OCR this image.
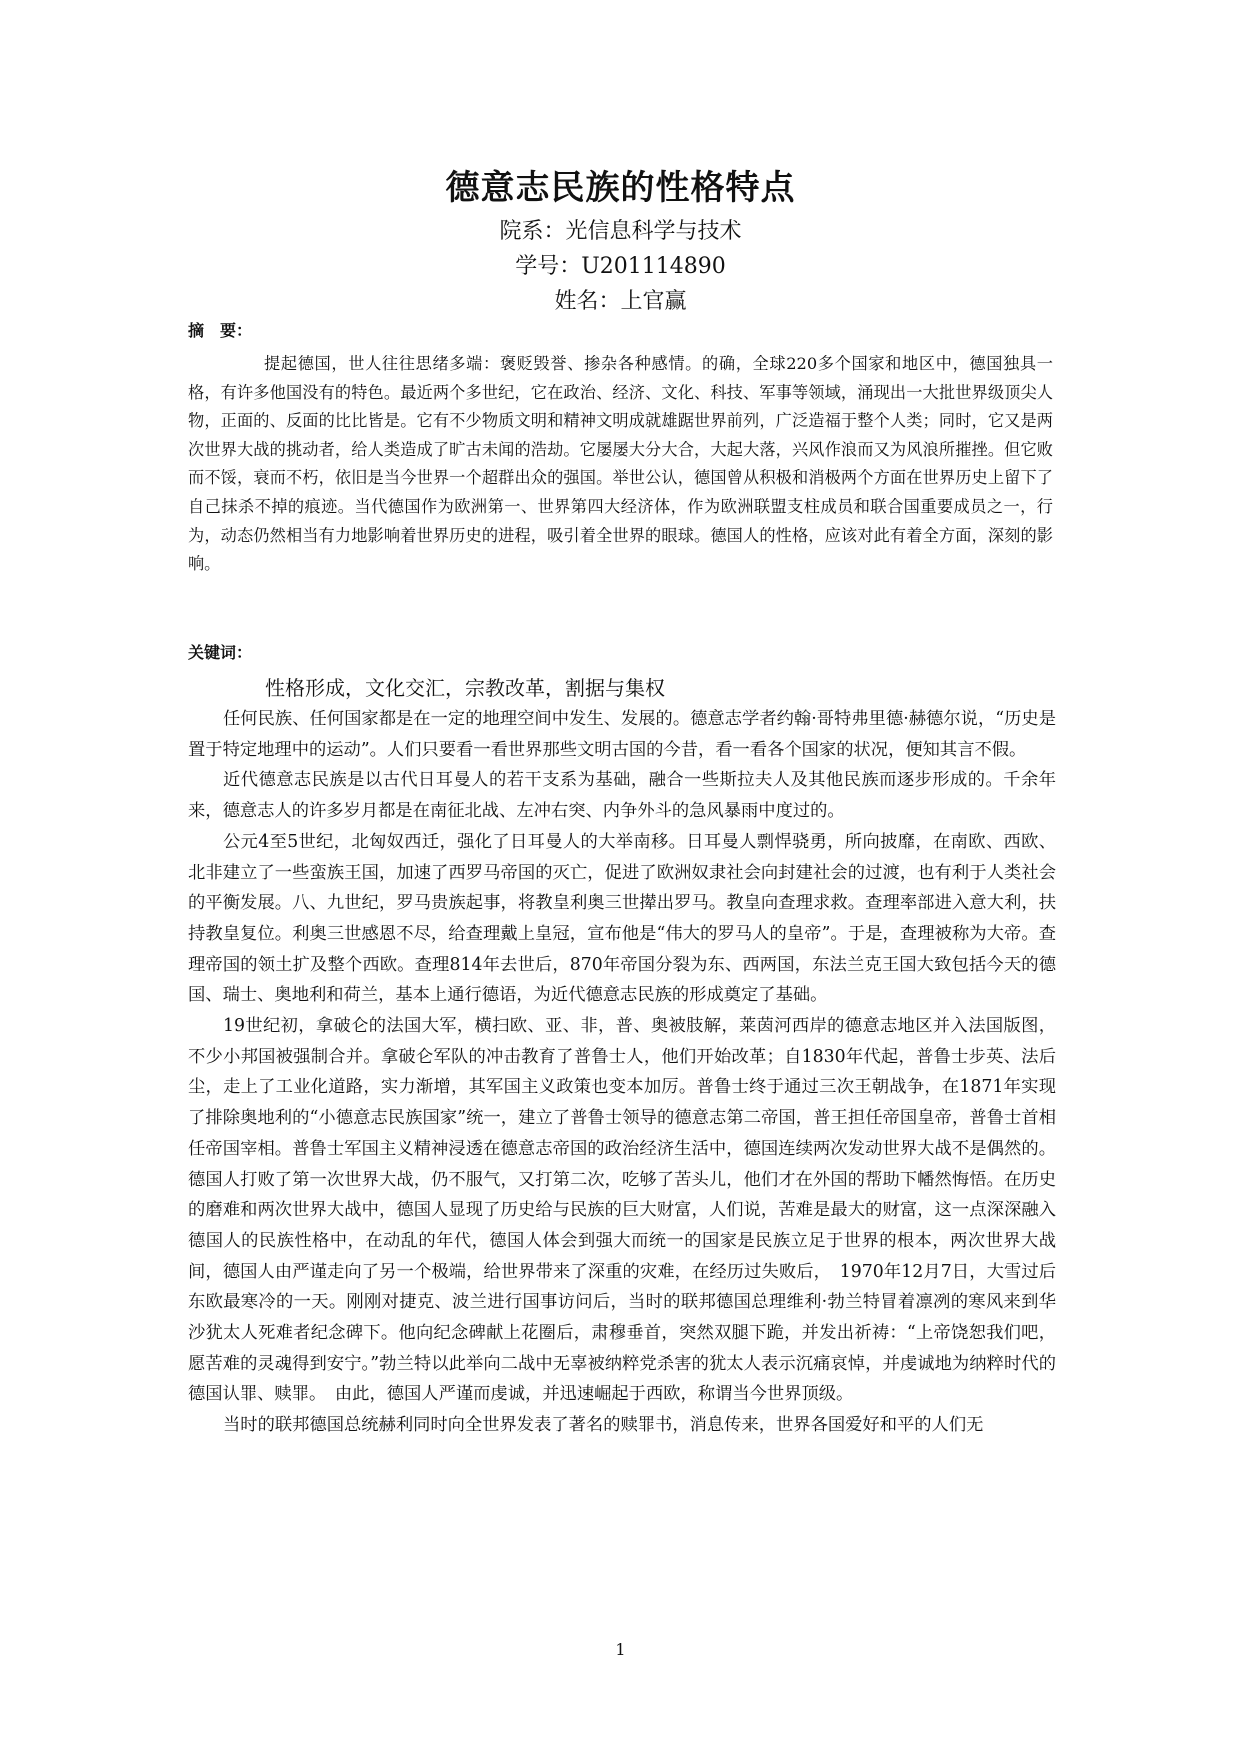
德意志民族的性格特点
院系：光信息科学与技术
学号：U201114890
姓名：上官赢
摘　要：

提起德国，世人往往思绪多端：褒贬毁誉、掺杂各种感情。的确，全球220多个国家和地区中，德国独具一格，有许多他国没有的特色。最近两个多世纪，它在政治、经济、文化、科技、军事等领域，涌现出一大批世界级顶尖人物，正面的、反面的比比皆是。它有不少物质文明和精神文明成就雄踞世界前列，广泛造福于整个人类；同时，它又是两次世界大战的挑动者，给人类造成了旷古未闻的浩劫。它屡屡大分大合，大起大落，兴风作浪而又为风浪所摧挫。但它败而不馁，衰而不朽，依旧是当今世界一个超群出众的强国。举世公认，德国曾从积极和消极两个方面在世界历史上留下了自己抹杀不掉的痕迹。当代德国作为欧洲第一、世界第四大经济体，作为欧洲联盟支柱成员和联合国重要成员之一，行为，动态仍然相当有力地影响着世界历史的进程，吸引着全世界的眼球。德国人的性格，应该对此有着全方面，深刻的影响。

关键词：
性格形成，文化交汇，宗教改革，割据与集权

任何民族、任何国家都是在一定的地理空间中发生、发展的。德意志学者约翰·哥特弗里德·赫德尔说，“历史是置于特定地理中的运动”。人们只要看一看世界那些文明古国的今昔，看一看各个国家的状况，便知其言不假。

近代德意志民族是以古代日耳曼人的若干支系为基础，融合一些斯拉夫人及其他民族而逐步形成的。千余年来，德意志人的许多岁月都是在南征北战、左冲右突、内争外斗的急风暴雨中度过的。

公元4至5世纪，北匈奴西迁，强化了日耳曼人的大举南移。日耳曼人剽悍骁勇，所向披靡，在南欧、西欧、北非建立了一些蛮族王国，加速了西罗马帝国的灭亡，促进了欧洲奴隶社会向封建社会的过渡，也有利于人类社会的平衡发展。八、九世纪，罗马贵族起事，将教皇利奥三世撵出罗马。教皇向查理求救。查理率部进入意大利，扶持教皇复位。利奥三世感恩不尽，给查理戴上皇冠，宣布他是“伟大的罗马人的皇帝”。于是，查理被称为大帝。查理帝国的领土扩及整个西欧。查理814年去世后，870年帝国分裂为东、西两国，东法兰克王国大致包括今天的德国、瑞士、奥地利和荷兰，基本上通行德语，为近代德意志民族的形成奠定了基础。

19世纪初，拿破仑的法国大军，横扫欧、亚、非，普、奥被肢解，莱茵河西岸的德意志地区并入法国版图，不少小邦国被强制合并。拿破仑军队的冲击教育了普鲁士人，他们开始改革；自1830年代起，普鲁士步英、法后尘，走上了工业化道路，实力渐增，其军国主义政策也变本加厉。普鲁士终于通过三次王朝战争，在1871年实现了排除奥地利的“小德意志民族国家”统一，建立了普鲁士领导的德意志第二帝国，普王担任帝国皇帝，普鲁士首相任帝国宰相。普鲁士军国主义精神浸透在德意志帝国的政治经济生活中，德国连续两次发动世界大战不是偶然的。德国人打败了第一次世界大战，仍不服气，又打第二次，吃够了苦头儿，他们才在外国的帮助下幡然悔悟。在历史的磨难和两次世界大战中，德国人显现了历史给与民族的巨大财富，人们说，苦难是最大的财富，这一点深深融入德国人的民族性格中，在动乱的年代，德国人体会到强大而统一的国家是民族立足于世界的根本，两次世界大战间，德国人由严谨走向了另一个极端，给世界带来了深重的灾难，在经历过失败后，　1970年12月7日，大雪过后东欧最寒冷的一天。刚刚对捷克、波兰进行国事访问后，当时的联邦德国总理维利·勃兰特冒着凛冽的寒风来到华沙犹太人死难者纪念碑下。他向纪念碑献上花圈后，肃穆垂首，突然双腿下跪，并发出祈祷：“上帝饶恕我们吧，愿苦难的灵魂得到安宁。”勃兰特以此举向二战中无辜被纳粹党杀害的犹太人表示沉痛哀悼，并虔诚地为纳粹时代的德国认罪、赎罪。　由此，德国人严谨而虔诚，并迅速崛起于西欧，称谓当今世界顶级。

当时的联邦德国总统赫利同时向全世界发表了著名的赎罪书，消息传来，世界各国爱好和平的人们无

1
